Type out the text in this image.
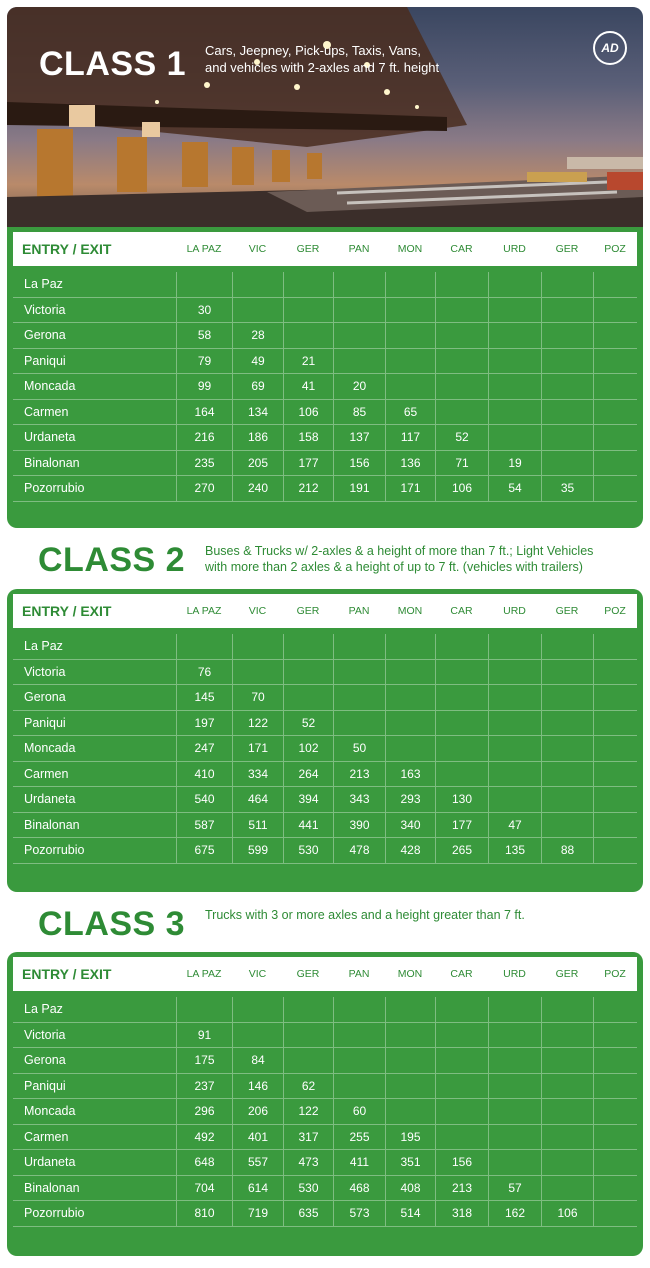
CLASS 1 Cars, Jeepney, Pick-ups, Taxis, Vans,
and vehicles with 2-axles and 7 ft. height
AD
ENTRY / EXIT	LA PAZ	VIC	GER	PAN	MON	CAR	URD	GER	POZ
La Paz
Victoria	30
Gerona	58	28
Paniqui	79	49	21
Moncada	99	69	41	20
Carmen	164	134	106	85	65
Urdaneta	216	186	158	137	117	52
Binalonan	235	205	177	156	136	71	19
Pozorrubio	270	240	212	191	171	106	54	35
CLASS 2 Buses & Trucks w/ 2-axles & a height of more than 7 ft.; Light Vehicles
with more than 2 axles & a height of up to 7 ft. (vehicles with trailers)
ENTRY / EXIT	LA PAZ	VIC	GER	PAN	MON	CAR	URD	GER	POZ
La Paz
Victoria	76
Gerona	145	70
Paniqui	197	122	52
Moncada	247	171	102	50
Carmen	410	334	264	213	163
Urdaneta	540	464	394	343	293	130
Binalonan	587	511	441	390	340	177	47
Pozorrubio	675	599	530	478	428	265	135	88
CLASS 3 Trucks with 3 or more axles and a height greater than 7 ft.
ENTRY / EXIT	LA PAZ	VIC	GER	PAN	MON	CAR	URD	GER	POZ
La Paz
Victoria	91
Gerona	175	84
Paniqui	237	146	62
Moncada	296	206	122	60
Carmen	492	401	317	255	195
Urdaneta	648	557	473	411	351	156
Binalonan	704	614	530	468	408	213	57
Pozorrubio	810	719	635	573	514	318	162	106
